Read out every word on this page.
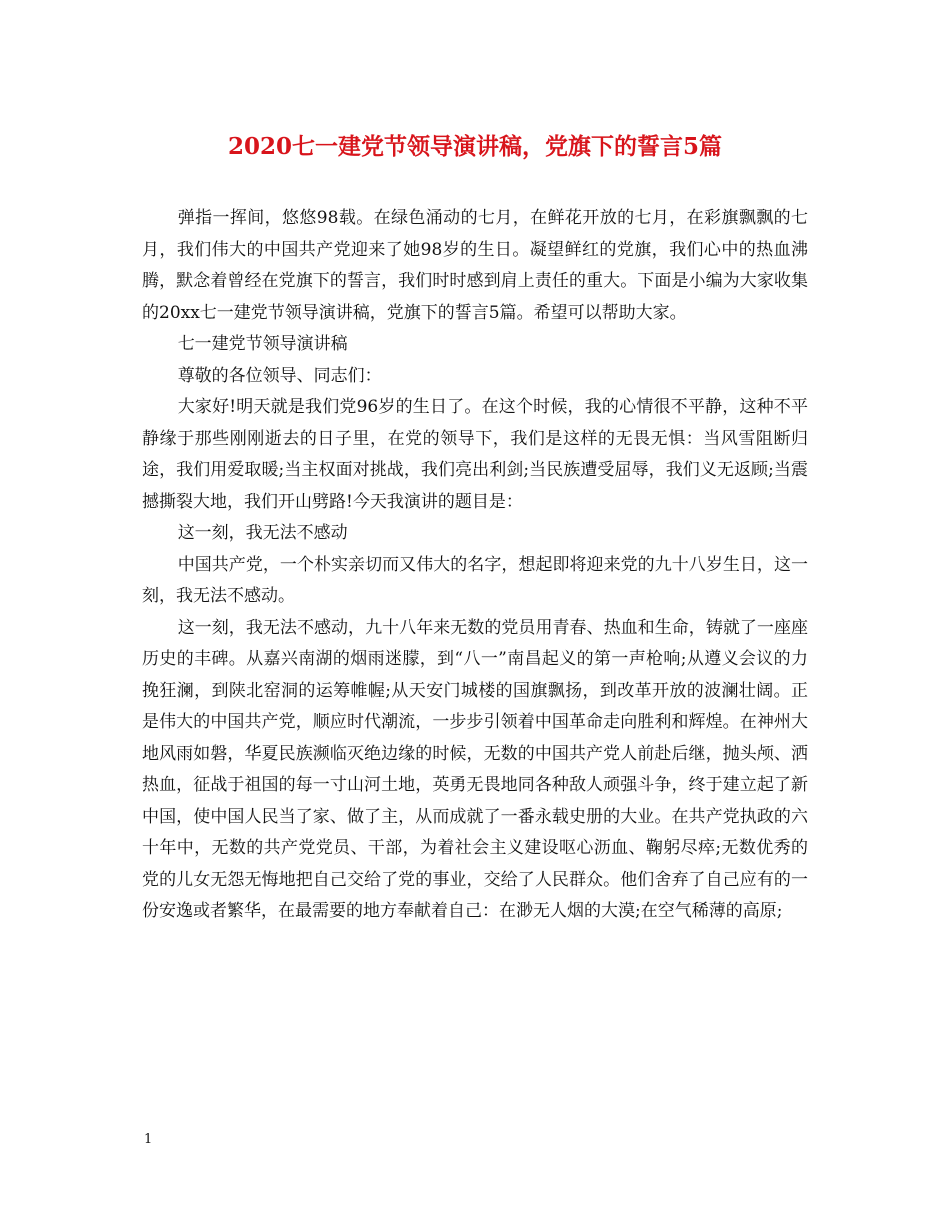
2020七一建党节领导演讲稿，党旗下的誓言5篇

弹指一挥间，悠悠98载。在绿色涌动的七月，在鲜花开放的七月，在彩旗飘飘的七月，我们伟大的中国共产党迎来了她98岁的生日。凝望鲜红的党旗，我们心中的热血沸腾，默念着曾经在党旗下的誓言，我们时时感到肩上责任的重大。下面是小编为大家收集的20xx七一建党节领导演讲稿，党旗下的誓言5篇。希望可以帮助大家。

七一建党节领导演讲稿

尊敬的各位领导、同志们：

大家好!明天就是我们党96岁的生日了。在这个时候，我的心情很不平静，这种不平静缘于那些刚刚逝去的日子里，在党的领导下，我们是这样的无畏无惧：当风雪阻断归途，我们用爱取暖;当主权面对挑战，我们亮出利剑;当民族遭受屈辱，我们义无返顾;当震撼撕裂大地，我们开山劈路!今天我演讲的题目是：

这一刻，我无法不感动

中国共产党，一个朴实亲切而又伟大的名字，想起即将迎来党的九十八岁生日，这一刻，我无法不感动。

这一刻，我无法不感动，九十八年来无数的党员用青春、热血和生命，铸就了一座座历史的丰碑。从嘉兴南湖的烟雨迷朦，到“八一”南昌起义的第一声枪响;从遵义会议的力挽狂澜，到陕北窑洞的运筹帷幄;从天安门城楼的国旗飘扬，到改革开放的波澜壮阔。正是伟大的中国共产党，顺应时代潮流，一步步引领着中国革命走向胜利和辉煌。在神州大地风雨如磐，华夏民族濒临灭绝边缘的时候，无数的中国共产党人前赴后继，抛头颅、洒热血，征战于祖国的每一寸山河土地，英勇无畏地同各种敌人顽强斗争，终于建立起了新中国，使中国人民当了家、做了主，从而成就了一番永载史册的大业。在共产党执政的六十年中，无数的共产党党员、干部，为着社会主义建设呕心沥血、鞠躬尽瘁;无数优秀的党的儿女无怨无悔地把自己交给了党的事业，交给了人民群众。他们舍弃了自己应有的一份安逸或者繁华，在最需要的地方奉献着自己：在渺无人烟的大漠;在空气稀薄的高原;

1
